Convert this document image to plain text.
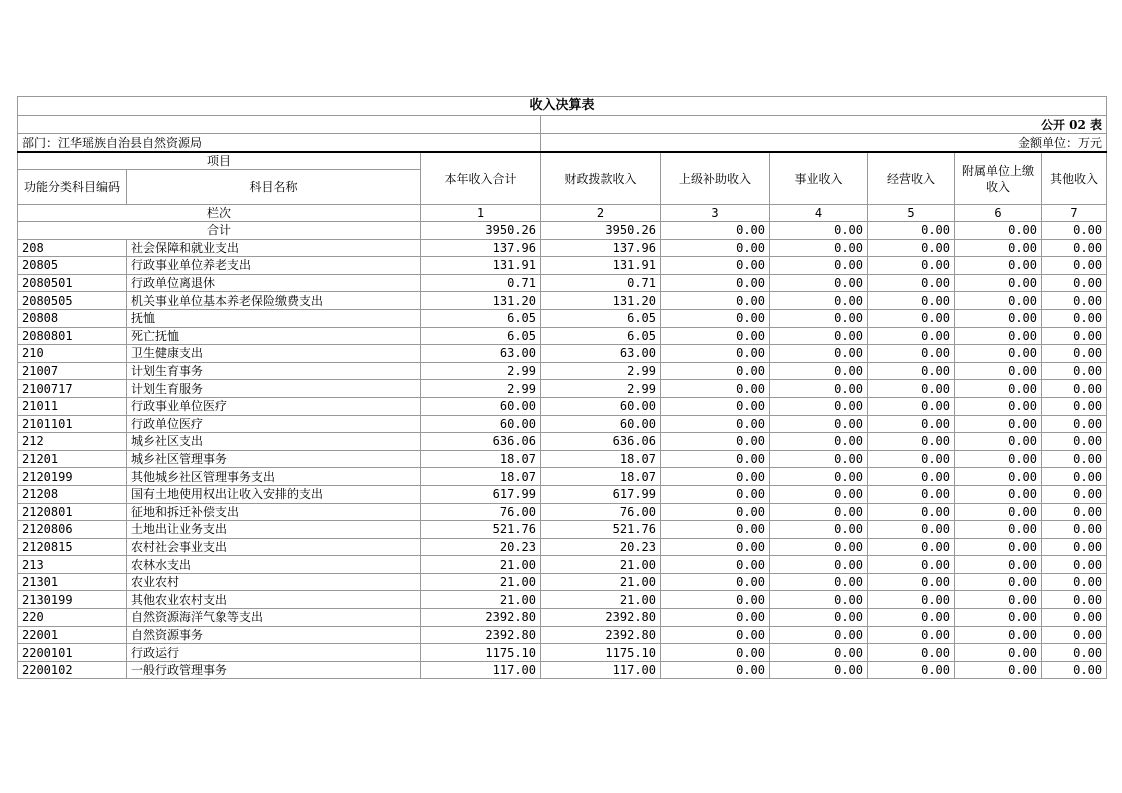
收入决算表								
			公开 02 表					
部门：江华瑶族自治县自然资源局			金额单位：万元					
项目		本年收入合计	财政拨款收入	上级补助收入	事业收入	经营收入	附属单位上缴收入	其他收入
功能分类科目编码	科目名称							
栏次		1	2	3	4	5	6	7
合计		3950.26	3950.26	0.00	0.00	0.00	0.00	0.00
208	社会保障和就业支出	137.96	137.96	0.00	0.00	0.00	0.00	0.00
20805	行政事业单位养老支出	131.91	131.91	0.00	0.00	0.00	0.00	0.00
2080501	行政单位离退休	0.71	0.71	0.00	0.00	0.00	0.00	0.00
2080505	机关事业单位基本养老保险缴费支出	131.20	131.20	0.00	0.00	0.00	0.00	0.00
20808	抚恤	6.05	6.05	0.00	0.00	0.00	0.00	0.00
2080801	死亡抚恤	6.05	6.05	0.00	0.00	0.00	0.00	0.00
210	卫生健康支出	63.00	63.00	0.00	0.00	0.00	0.00	0.00
21007	计划生育事务	2.99	2.99	0.00	0.00	0.00	0.00	0.00
2100717	计划生育服务	2.99	2.99	0.00	0.00	0.00	0.00	0.00
21011	行政事业单位医疗	60.00	60.00	0.00	0.00	0.00	0.00	0.00
2101101	行政单位医疗	60.00	60.00	0.00	0.00	0.00	0.00	0.00
212	城乡社区支出	636.06	636.06	0.00	0.00	0.00	0.00	0.00
21201	城乡社区管理事务	18.07	18.07	0.00	0.00	0.00	0.00	0.00
2120199	其他城乡社区管理事务支出	18.07	18.07	0.00	0.00	0.00	0.00	0.00
21208	国有土地使用权出让收入安排的支出	617.99	617.99	0.00	0.00	0.00	0.00	0.00
2120801	征地和拆迁补偿支出	76.00	76.00	0.00	0.00	0.00	0.00	0.00
2120806	土地出让业务支出	521.76	521.76	0.00	0.00	0.00	0.00	0.00
2120815	农村社会事业支出	20.23	20.23	0.00	0.00	0.00	0.00	0.00
213	农林水支出	21.00	21.00	0.00	0.00	0.00	0.00	0.00
21301	农业农村	21.00	21.00	0.00	0.00	0.00	0.00	0.00
2130199	其他农业农村支出	21.00	21.00	0.00	0.00	0.00	0.00	0.00
220	自然资源海洋气象等支出	2392.80	2392.80	0.00	0.00	0.00	0.00	0.00
22001	自然资源事务	2392.80	2392.80	0.00	0.00	0.00	0.00	0.00
2200101	行政运行	1175.10	1175.10	0.00	0.00	0.00	0.00	0.00
2200102	一般行政管理事务	117.00	117.00	0.00	0.00	0.00	0.00	0.00
